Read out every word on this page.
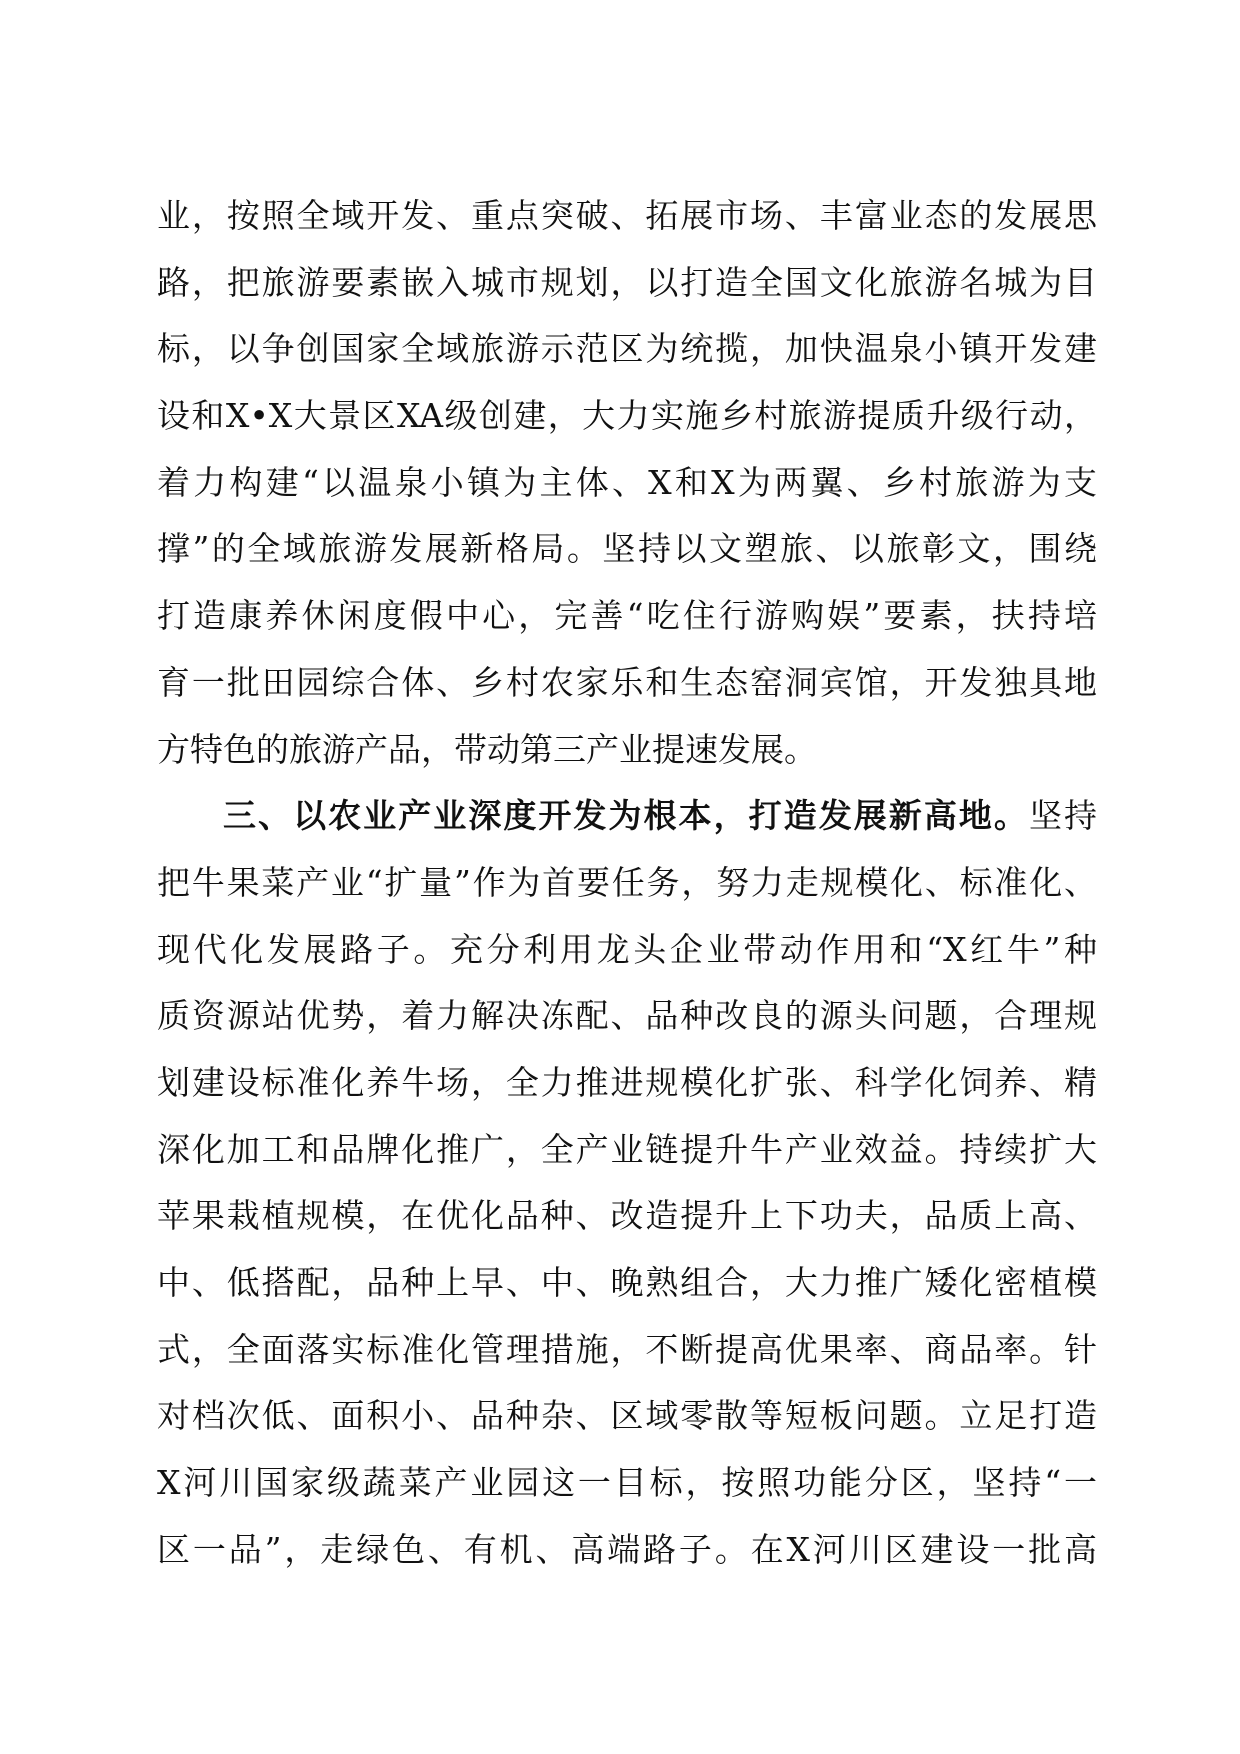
业，按照全域开发、重点突破、拓展市场、丰富业态的发展思
路，把旅游要素嵌入城市规划，以打造全国文化旅游名城为目
标，以争创国家全域旅游示范区为统揽，加快温泉小镇开发建
设和X•X大景区XA级创建，大力实施乡村旅游提质升级行动，
着力构建“以温泉小镇为主体、X和X为两翼、乡村旅游为支
撑”的全域旅游发展新格局。坚持以文塑旅、以旅彰文，围绕
打造康养休闲度假中心，完善“吃住行游购娱”要素，扶持培
育一批田园综合体、乡村农家乐和生态窑洞宾馆，开发独具地
方特色的旅游产品，带动第三产业提速发展。
三、以农业产业深度开发为根本，打造发展新高地。坚持
把牛果菜产业“扩量”作为首要任务，努力走规模化、标准化、
现代化发展路子。充分利用龙头企业带动作用和“X红牛”种
质资源站优势，着力解决冻配、品种改良的源头问题，合理规
划建设标准化养牛场，全力推进规模化扩张、科学化饲养、精
深化加工和品牌化推广，全产业链提升牛产业效益。持续扩大
苹果栽植规模，在优化品种、改造提升上下功夫，品质上高、
中、低搭配，品种上早、中、晚熟组合，大力推广矮化密植模
式，全面落实标准化管理措施，不断提高优果率、商品率。针
对档次低、面积小、品种杂、区域零散等短板问题。立足打造
X河川国家级蔬菜产业园这一目标，按照功能分区，坚持“一
区一品”，走绿色、有机、高端路子。在X河川区建设一批高
